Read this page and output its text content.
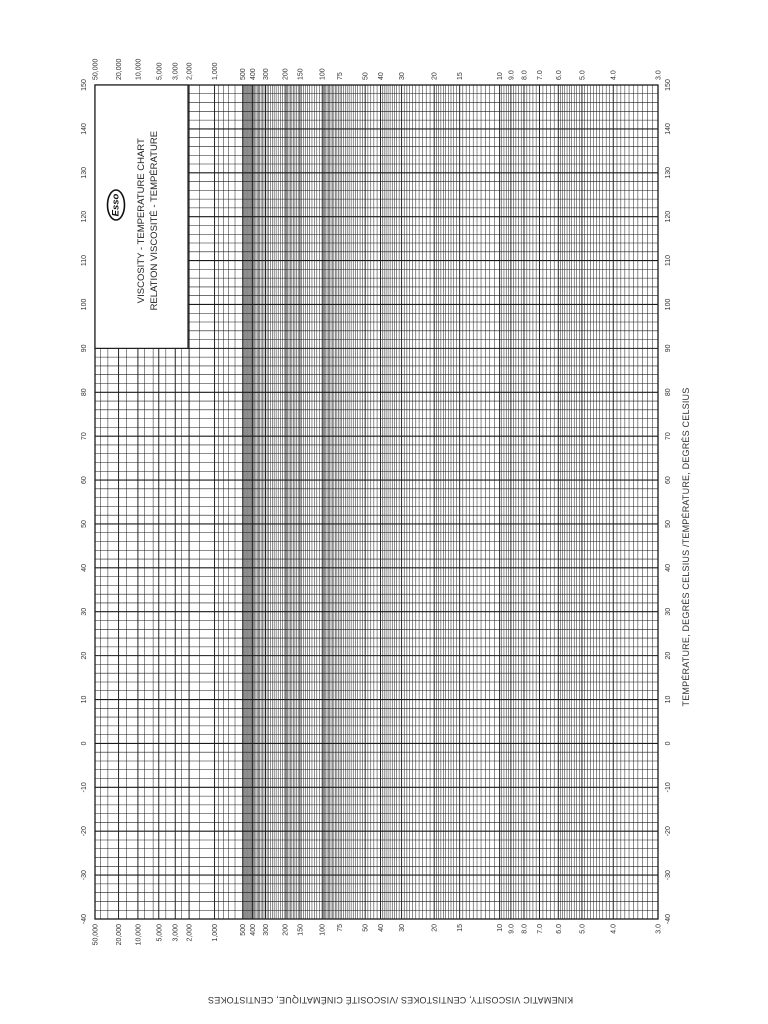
-40	-40
-30	-30
-20	-20
-10	-10
0	0
10	10
20	20
30	30
40	40
50	50
60	60
70	70
80	80
90	90
100	100
110	110
120	120
130	130
140	140
150	150
50,000
50,000
20,000
20,000
10,000
10,000
5,000
5,000
3,000
3,000
2,000
2,000
1,000
1,000
500
500
400
400
300
300
200
200
150
150
100
100
75
75
50
50
40
40
30
30
20
20
15
15
10
10
9.0
9.0
8.0
8.0
7.0
7.0
6.0
6.0
5.0
5.0
4.0
4.0
3.0
3.0
Esso VISCOSITY - TEMPERATURE CHART RELATION VISCOSITÉ - TEMPÉRATURE
TEMPÉRATURE, DEGRÉS CELSIUS /TEMPÉRATURE, DEGRÉS CELSIUS
KINEMATIC VISCOSITY, CENTISTOKES /VISCOSITÉ CINÉMATIQUE, CENTISTOKES
